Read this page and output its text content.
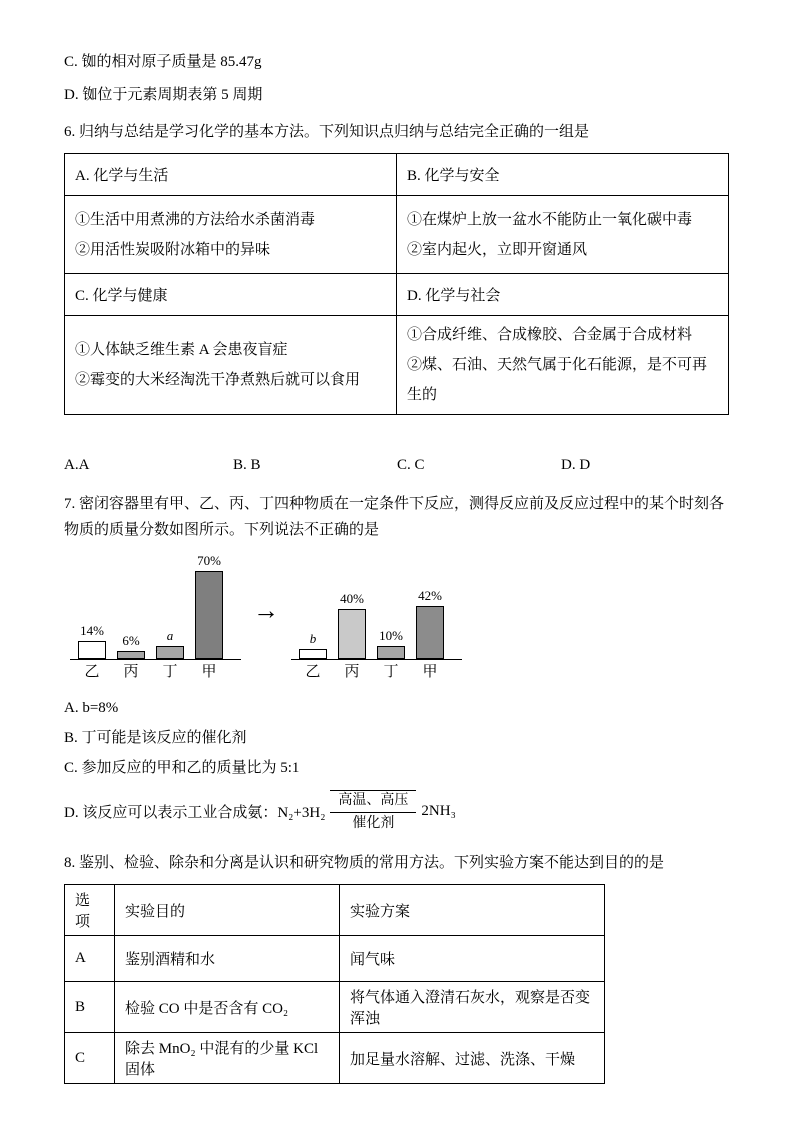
C. 铷的相对原子质量是 85.47g
D. 铷位于元素周期表第 5 周期
6. 归纳与总结是学习化学的基本方法。下列知识点归纳与总结完全正确的一组是
A. 化学与生活	B. 化学与安全

①生活中用煮沸的方法给水杀菌消毒
②用活性炭吸附冰箱中的异味

①在煤炉上放一盆水不能防止一氧化碳中毒
②室内起火，立即开窗通风

C. 化学与健康	D. 化学与社会

①人体缺乏维生素 A 会患夜盲症
②霉变的大米经淘洗干净煮熟后就可以食用

①合成纤维、合成橡胶、合金属于合成材料
②煤、石油、天然气属于化石能源，是不可再生的
A.A	B. B	C. C	D. D
7. 密闭容器里有甲、乙、丙、丁四种物质在一定条件下反应，测得反应前及反应过程中的某个时刻各物质的质量分数如图所示。下列说法不正确的是
14%
6% a
70%
乙	丙	丁	甲
→
b
40%
10%
42%
乙	丙	丁	甲
A. b=8%
B. 丁可能是该反应的催化剂
C. 参加反应的甲和乙的质量比为 5:1
D. 该反应可以表示工业合成氨：N₂+3H₂
高温、高压
催化剂
2NH₃
8. 鉴别、检验、除杂和分离是认识和研究物质的常用方法。下列实验方案不能达到目的的是
选项	实验目的	实验方案
A	鉴别酒精和水	闻气味
B	检验 CO 中是否含有 CO₂	将气体通入澄清石灰水，观察是否变浑浊
C	除去 MnO₂ 中混有的少量 KCl 固体	加足量水溶解、过滤、洗涤、干燥
